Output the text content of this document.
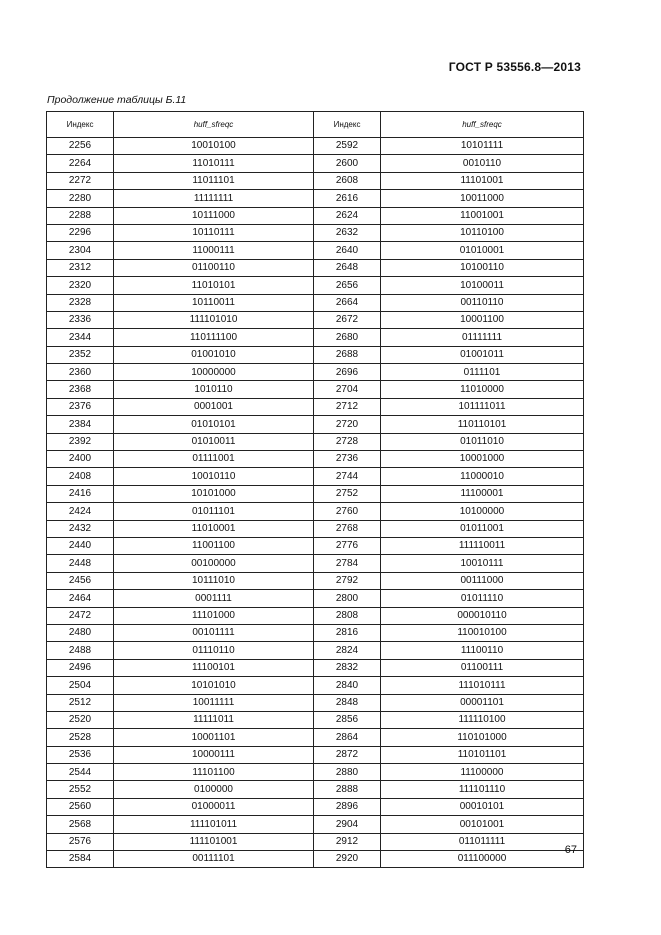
ГОСТ Р 53556.8—2013
Продолжение таблицы Б.11
Индекс	huff_sfreqc	Индекс	huff_sfreqc
2256	10010100	2592	10101111
2264	11010111	2600	0010110
2272	11011101	2608	11101001
2280	11111111	2616	10011000
2288	10111000	2624	11001001
2296	10110111	2632	10110100
2304	11000111	2640	01010001
2312	01100110	2648	10100110
2320	11010101	2656	10100011
2328	10110011	2664	00110110
2336	111101010	2672	10001100
2344	110111100	2680	01111111
2352	01001010	2688	01001011
2360	10000000	2696	0111101
2368	1010110	2704	11010000
2376	0001001	2712	101111011
2384	01010101	2720	110110101
2392	01010011	2728	01011010
2400	01111001	2736	10001000
2408	10010110	2744	11000010
2416	10101000	2752	11100001
2424	01011101	2760	10100000
2432	11010001	2768	01011001
2440	11001100	2776	111110011
2448	00100000	2784	10010111
2456	10111010	2792	00111000
2464	0001111	2800	01011110
2472	11101000	2808	000010110
2480	00101111	2816	110010100
2488	01110110	2824	11100110
2496	11100101	2832	01100111
2504	10101010	2840	111010111
2512	10011111	2848	00001101
2520	11111011	2856	111110100
2528	10001101	2864	110101000
2536	10000111	2872	110101101
2544	11101100	2880	11100000
2552	0100000	2888	111101110
2560	01000011	2896	00010101
2568	111101011	2904	00101001
2576	111101001	2912	011011111
2584	00111101	2920	011100000
67
